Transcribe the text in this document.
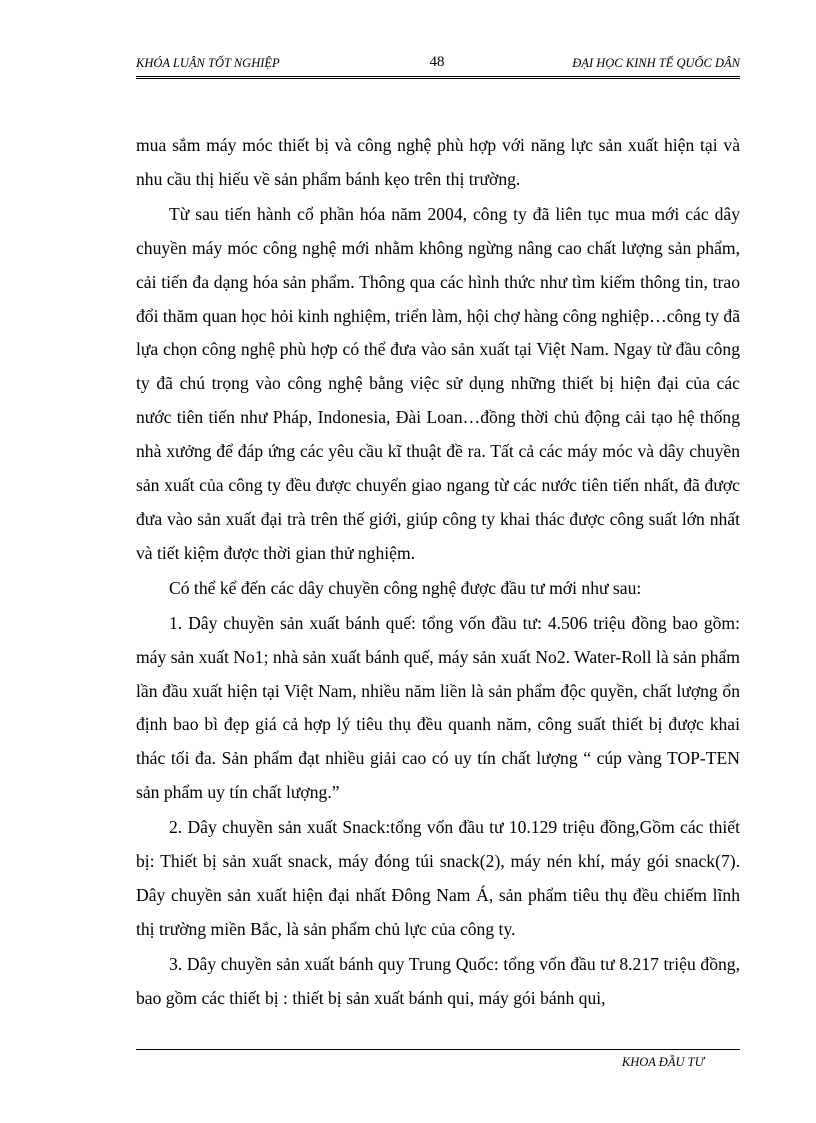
KHÓA LUẬN TỐT NGHIỆP	48	ĐẠI HỌC KINH TẾ QUỐC DÂN

mua sắm máy móc thiết bị và công nghệ phù hợp với năng lực sản xuất hiện tại và nhu cầu thị hiếu về sản phẩm bánh kẹo trên thị trường.

Từ sau tiến hành cổ phần hóa năm 2004, công ty đã liên tục mua mới các dây chuyền máy móc công nghệ mới nhằm không ngừng nâng cao chất lượng sản phẩm, cải tiến đa dạng hóa sản phẩm. Thông qua các hình thức như tìm kiếm thông tin, trao đổi thăm quan học hỏi kinh nghiệm, triển làm, hội chợ hàng công nghiệp…công ty đã lựa chọn công nghệ phù hợp có thể đưa vào sản xuất tại Việt Nam. Ngay từ đầu công ty đã chú trọng vào công nghệ bằng việc sử dụng những thiết bị hiện đại của các nước tiên tiến như Pháp, Indonesia, Đài Loan…đồng thời chủ động cải tạo hệ thống nhà xưởng để đáp ứng các yêu cầu kĩ thuật đề ra. Tất cả các máy móc và dây chuyền sản xuất của công ty đều được chuyển giao ngang từ các nước tiên tiến nhất, đã được đưa vào sản xuất đại trà trên thế giới, giúp công ty khai thác được công suất lớn nhất và tiết kiệm được thời gian thử nghiệm.

Có thể kể đến các dây chuyền công nghệ được đầu tư mới như sau:

1. Dây chuyền sản xuất bánh quế: tổng vốn đầu tư: 4.506 triệu đồng bao gồm: máy sản xuất No1; nhà sản xuất bánh quế, máy sản xuất No2. Water-Roll là sản phẩm lần đầu xuất hiện tại Việt Nam, nhiều năm liền là sản phẩm độc quyền, chất lượng ổn định bao bì đẹp giá cả hợp lý tiêu thụ đều quanh năm, công suất thiết bị được khai thác tối đa. Sản phẩm đạt nhiều giải cao có uy tín chất lượng “ cúp vàng TOP-TEN sản phẩm uy tín chất lượng.”

2. Dây chuyền sản xuất Snack:tổng vốn đầu tư 10.129 triệu đồng,Gồm các thiết bị: Thiết bị sản xuất snack, máy đóng túi snack(2), máy nén khí, máy gói snack(7). Dây chuyền sản xuất hiện đại nhất Đông Nam Á, sản phẩm tiêu thụ đều chiếm lĩnh thị trường miền Bắc, là sản phẩm chủ lực của công ty.

3. Dây chuyền sản xuất bánh quy Trung Quốc: tổng vốn đầu tư 8.217 triệu đồng, bao gồm các thiết bị : thiết bị sản xuất bánh qui, máy gói bánh qui,

KHOA ĐẦU TƯ
